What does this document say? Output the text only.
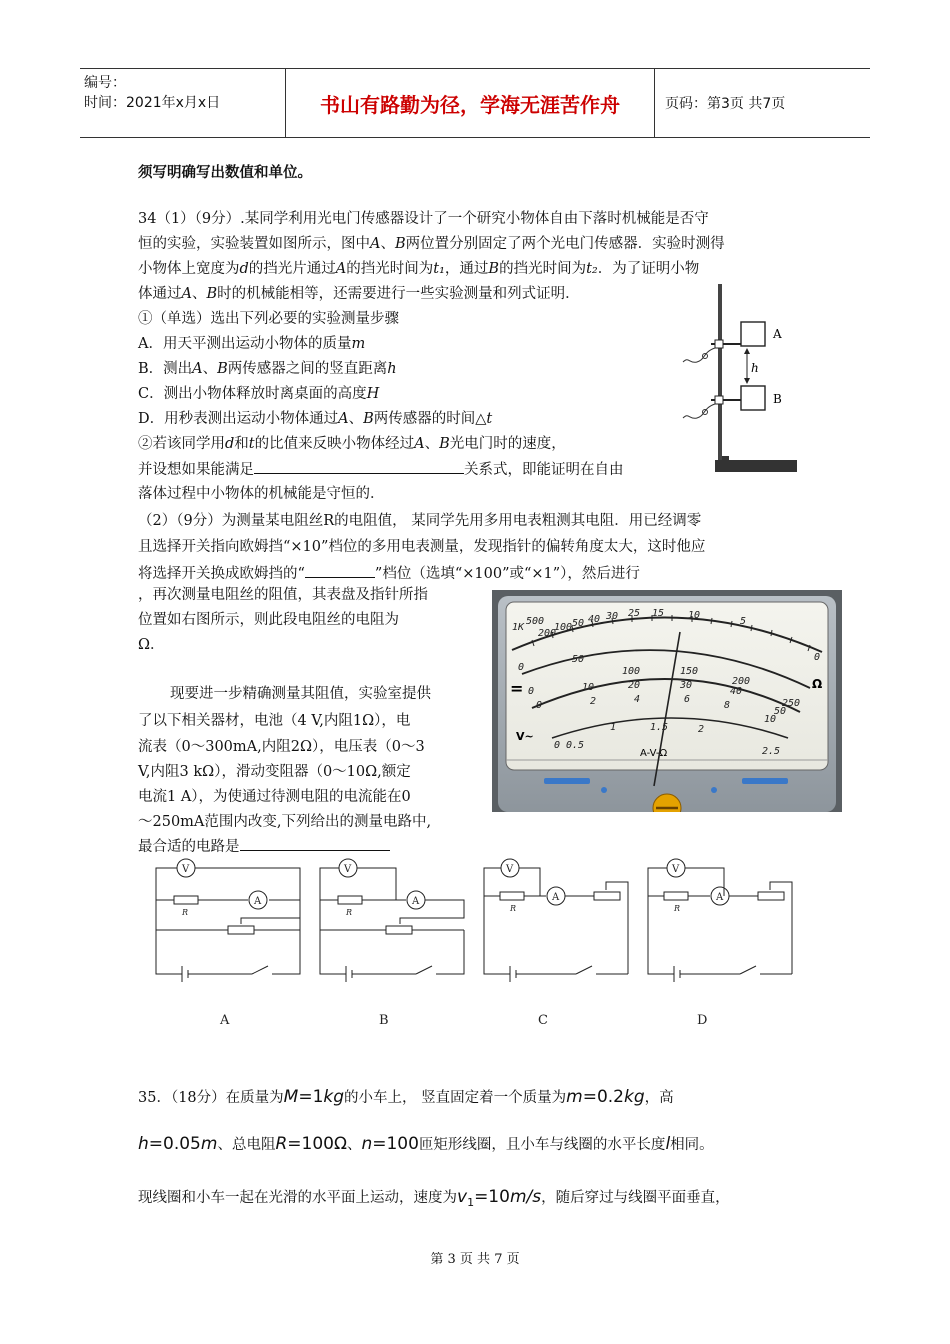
编号：
时间：2021年x月x日	书山有路勤为径，学海无涯苦作舟	页码：第3页 共7页
须写明确写出数值和单位。
34（1）（9分）.某同学利用光电门传感器设计了一个研究小物体自由下落时机械能是否守
恒的实验，实验装置如图所示，图中A、B两位置分别固定了两个光电门传感器．实验时测得
小物体上宽度为d的挡光片通过A的挡光时间为t₁，通过B的挡光时间为t₂．为了证明小物
体通过A、B时的机械能相等，还需要进行一些实验测量和列式证明．
①（单选）选出下列必要的实验测量步骤
A．用天平测出运动小物体的质量m
B．测出A、B两传感器之间的竖直距离h
C．测出小物体释放时离桌面的高度H
D．用秒表测出运动小物体通过A、B两传感器的时间△t
②若该同学用d和t的比值来反映小物体经过A、B光电门时的速度，
并设想如果能满足	关系式，即能证明在自由
落体过程中小物体的机械能是守恒的．
A
B
h
（2）（9分）为测量某电阻丝R的电阻值， 某同学先用多用电表粗测其电阻．用已经调零
且选择开关指向欧姆挡“×10”档位的多用电表测量，发现指针的偏转角度太大，这时他应
将选择开关换成欧姆挡的“	”档位（选填“×100”或“×1”），然后进行
，再次测量电阻丝的阻值，其表盘及指针所指
位置如右图所示，则此段电阻丝的电阻为
Ω．
现要进一步精确测量其阻值，实验室提供
了以下相关器材，电池（4 V,内阻1Ω），电
流表（0～300mA,内阻2Ω），电压表（0～3
V,内阻3 kΩ），滑动变阻器（0～10Ω,额定
电流1 A），为使通过待测电阻的电流能在0
～250mA范围内改变,下列给出的测量电路中,
最合适的电路是
1K
500
200
100 50 40 30 25 15 10
5
0
0
50
100	150
200
250
0	10	20	30
40
50
0	2	4	6
8
10
0 0.5
1	1.5	2
2.5
Ω
=
V~
A-V-Ω
V
A
R
V
A
R
V
A
R
V
A
R
A	B	C	D
35．（18分）在质量为M=1kg的小车上， 竖直固定着一个质量为m=0.2kg，高
h=0.05m、总电阻R=100Ω、n=100匝矩形线圈，且小车与线圈的水平长度l相同。
现线圈和小车一起在光滑的水平面上运动，速度为$v_1=10m/s$，随后穿过与线圈平面垂直，
第 3 页 共 7 页
